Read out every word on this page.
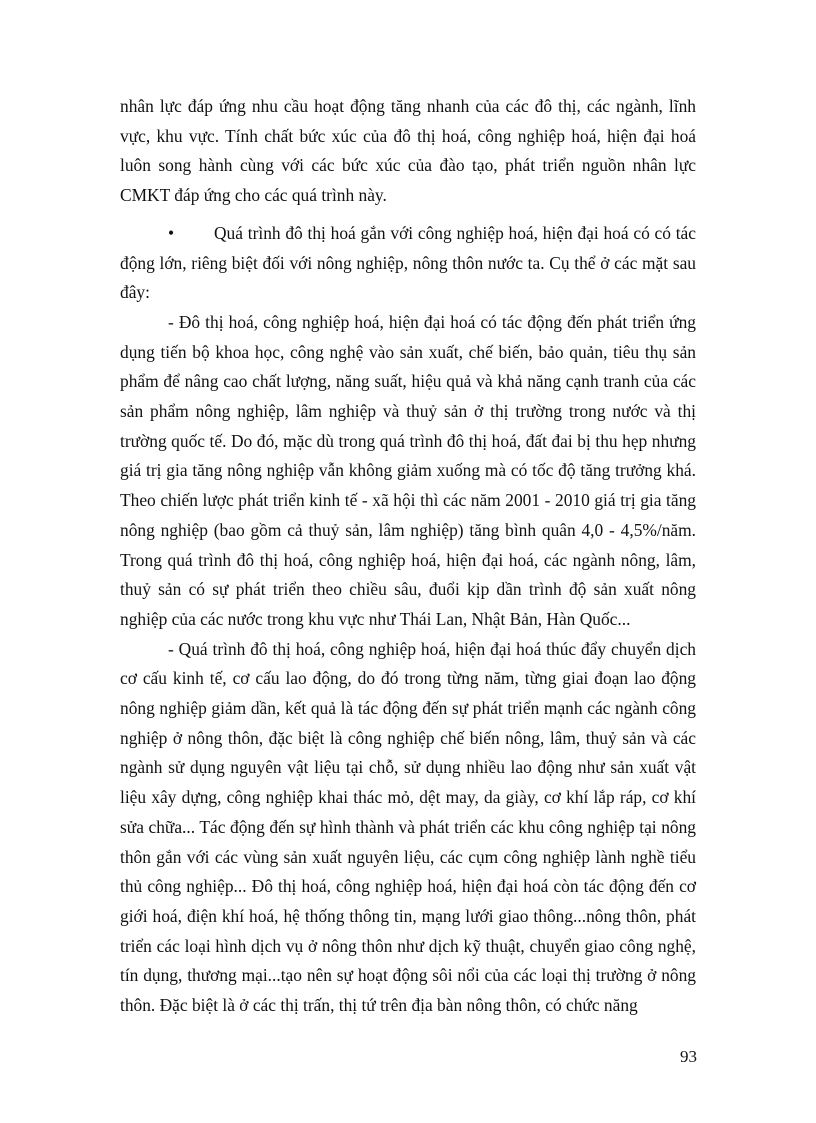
nhân lực đáp ứng nhu cầu hoạt động tăng nhanh của các đô thị, các ngành, lĩnh vực, khu vực. Tính chất bức xúc của đô thị hoá, công nghiệp hoá, hiện đại hoá luôn song hành cùng với các bức xúc của đào tạo, phát triển nguồn nhân lực CMKT đáp ứng cho các quá trình này.

• Quá trình đô thị hoá gắn với công nghiệp hoá, hiện đại hoá có có tác động lớn, riêng biệt đối với nông nghiệp, nông thôn nước ta. Cụ thể ở các mặt sau đây:

- Đô thị hoá, công nghiệp hoá, hiện đại hoá có tác động đến phát triển ứng dụng tiến bộ khoa học, công nghệ vào sản xuất, chế biến, bảo quản, tiêu thụ sản phẩm để nâng cao chất lượng, năng suất, hiệu quả và khả năng cạnh tranh của các sản phẩm nông nghiệp, lâm nghiệp và thuỷ sản ở thị trường trong nước và thị trường quốc tế. Do đó, mặc dù trong quá trình đô thị hoá, đất đai bị thu hẹp nhưng giá trị gia tăng nông nghiệp vẫn không giảm xuống mà có tốc độ tăng trưởng khá. Theo chiến lược phát triển kinh tế - xã hội thì các năm 2001 - 2010 giá trị gia tăng nông nghiệp (bao gồm cả thuỷ sản, lâm nghiệp) tăng bình quân 4,0 - 4,5%/năm. Trong quá trình đô thị hoá, công nghiệp hoá, hiện đại hoá, các ngành nông, lâm, thuỷ sản có sự phát triển theo chiều sâu, đuổi kịp dần trình độ sản xuất nông nghiệp của các nước trong khu vực như Thái Lan, Nhật Bản, Hàn Quốc...

- Quá trình đô thị hoá, công nghiệp hoá, hiện đại hoá thúc đẩy chuyển dịch cơ cấu kinh tế, cơ cấu lao động, do đó trong từng năm, từng giai đoạn lao động nông nghiệp giảm dần, kết quả là tác động đến sự phát triển mạnh các ngành công nghiệp ở nông thôn, đặc biệt là công nghiệp chế biến nông, lâm, thuỷ sản và các ngành sử dụng nguyên vật liệu tại chỗ, sử dụng nhiều lao động như sản xuất vật liệu xây dựng, công nghiệp khai thác mỏ, dệt may, da giày, cơ khí lắp ráp, cơ khí sửa chữa... Tác động đến sự hình thành và phát triển các khu công nghiệp tại nông thôn gắn với các vùng sản xuất nguyên liệu, các cụm công nghiệp lành nghề tiểu thủ công nghiệp... Đô thị hoá, công nghiệp hoá, hiện đại hoá còn tác động đến cơ giới hoá, điện khí hoá, hệ thống thông tin, mạng lưới giao thông...nông thôn, phát triển các loại hình dịch vụ ở nông thôn như dịch kỹ thuật, chuyển giao công nghệ, tín dụng, thương mại...tạo nên sự hoạt động sôi nổi của các loại thị trường ở nông thôn. Đặc biệt là ở các thị trấn, thị tứ trên địa bàn nông thôn, có chức năng

93
